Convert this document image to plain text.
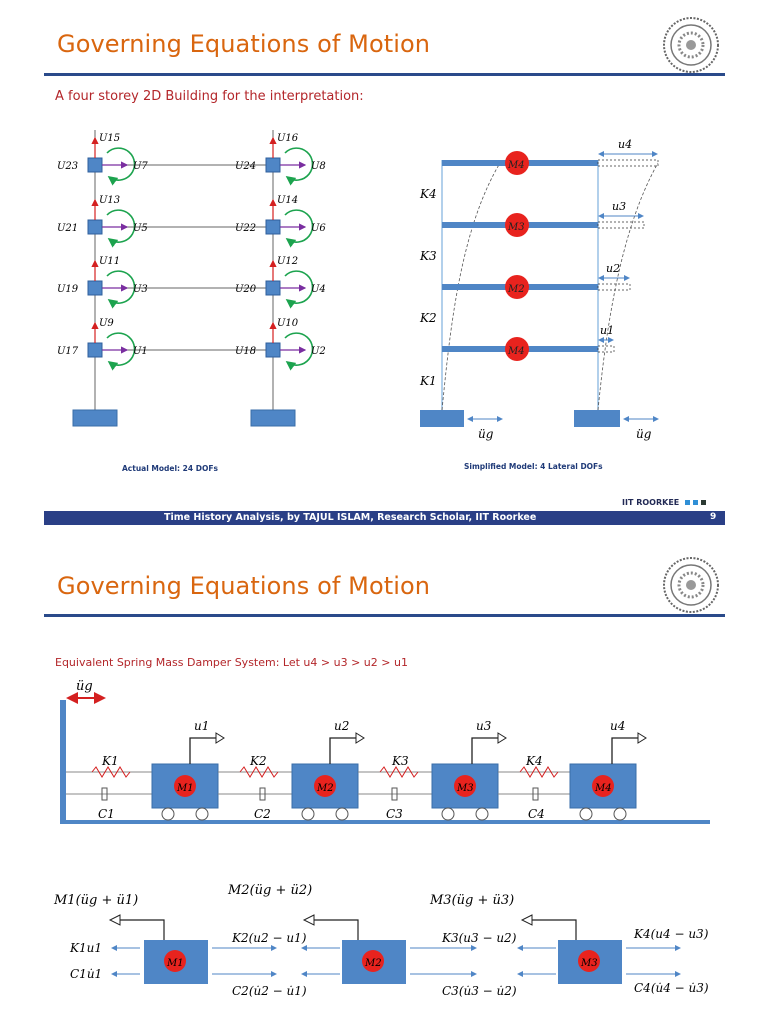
Governing Equations of Motion
A four storey 2D Building for the interpretation:
U15
U7
U23
U13
U5
U21
U11
U3
U19
U9
U1
U17
U16
U8
U24
U14
U6
U22
U12
U4
U20
U10
U2
U18
Actual Model: 24 DOFs
M4
M3
M2
M4
K4
K3
K2
K1
u4
u3
u2
u1
üg	üg
Simplified Model: 4 Lateral DOFs
IIT ROORKEE
Time History Analysis, by TAJUL ISLAM, Research Scholar, IIT Roorkee	9
Governing Equations of Motion
Equivalent Spring Mass Damper System: Let u4 > u3 > u2 > u1
üg
K1
C1
M1
u1
K2
C2
M2
u2
K3
C3
M3
u3
K4
C4
M4
u4
M1(üg + ü1)
M1
K1u1
C1u̇1
K2(u2 − u1)
C2(u̇2 − u̇1)
M2(üg + ü2)
M2
K3(u3 − u2)
C3(u̇3 − u̇2)
M3(üg + ü3)
M3
K4(u4 − u3)
C4(u̇4 − u̇3)
